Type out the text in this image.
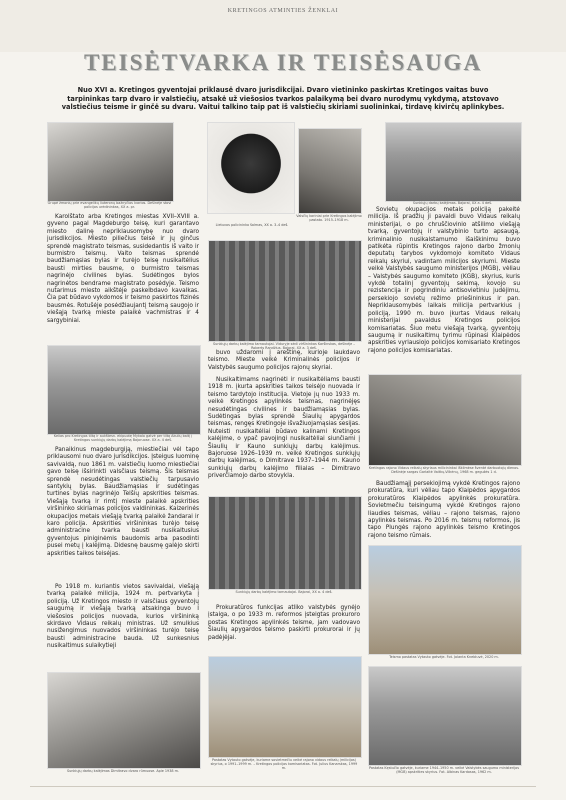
KRETINGOS ATMINTIES ŽENKLAI
TEISĖTVARKA IR TEISĖSAUGA
Nuo XVI a. Kretingos gyventojai priklausė dvaro jurisdikcijai. Dvaro vietininko paskirtas Kretingos vaitas buvo tarpininkas tarp dvaro ir valstiečių, atsakė už viešosios tvarkos palaikymą bei dvaro nurodymų vykdymą, atstovavo valstiečius teisme ir ginčė su dvaru. Vaitui talkino taip pat iš valstiečių skiriami suolininkai, tirdavę kivirčų aplinkybes.
Grupė žmonių prie evangelikų liuteronų bažnyčios Ivarios. Dešinėje stovi policijos urėdininkas, XX a. pr.
Lietuvos policininko šalmas, XX a. 3–4 deš.
Valsčių kariniai prie Kretingos kalėjimo pastato. 1915–1918 m.
Sunkiųjų darbų kalėjimas. Bajorai, XX a. 4 deš.
Karolštato arba Kretingos miestas XVII–XVIII a. gyveno pagal Magdeburgo teisę, kuri garantavo miesto dalinę nepriklausomybę nuo dvaro jurisdikcijos. Miesto piliečius teisė ir jų ginčus sprendė magistrato teismas, susidedantis iš vaito ir burmistro teismų. Vaito teismas sprendė baudžiamąsias bylas ir turėjo teisę nusikaltėlius bausti mirties bausme, o burmistro teismas nagrinėjo civilines bylas. Sudėtingos bylos nagrinėtos bendrame magistrato posėdyje. Teismo nutarimus miesto aikštėje paskelbdavo kavalkas. Čia pat būdavo vykdomos ir teismo paskirtos fizinės bausmės. Rotušėje posėdžiaujantį teismą saugojo ir viešąją tvarką mieste palaikė vachmistras ir 4 sargybiniai.
Sunkiųjų darbų kalėjimo tarnautojai. Viduryje sėdi viršininkas Karšinskas, dešinėje – Roberts Randžius. Bajorai, XX a. 3 deš.
Sovietų okupacijos metais policiją pakeitė milicija. Iš pradžių ji pavaldi buvo Vidaus reikalų ministerijai, o po chruščiovinio atšilimo viešąją tvarką, gyventojų ir valstybinio turto apsaugą, kriminalinio nusikalstamumo išaiškinimu buvo patikėta rūpintis Kretingos rajono darbo žmonių deputatų tarybos vykdomojo komiteto Vidaus reikalų skyriui, vadintam milicijos skyriumi. Mieste veikė Valstybės saugumo ministerijos (MGB), vėliau – Valstybės saugumo komiteto (KGB), skyrius, kuris vykdė totalinį gyventojų sekimą, kovojo su rezistencija ir pogrindiniu antisovietiniu judėjimu, persekiojo sovietų režimo priešininkus ir pan. Nepriklausomybės laikais milicija pertvarkius į policiją, 1990 m. buvo įkurtas Vidaus reikalų ministerijai pavaldus Kretingos policijos komisariatas. Šiuo metu viešąją tvarką, gyventojų saugumą ir nusikaltimų tyrimu rūpinasi Klaipėdos apskrities vyriausiojo policijos komisariato Kretingos rajono policijos komisariatas.
Kelias pro Kretingos tiltą ir aukštesn. ekipuotę Mykalo gatvė per tiltą Akulių baltį į Kretingos sunkiųjų darbų kalėjimą Bajoruose. XX a. 4 deš.
buvo uždaromi į areštinę, kurioje laukdavo teismo. Mieste veikė Kriminalinės policijos ir Valstybės saugumo policijos rajonų skyriai.
Nusikaltimams nagrinėti ir nusikaltėliams bausti 1918 m. įkurta apskrities taikos teisėjo nuovada ir teismo tardytojo institucija. Vietoje jų nuo 1933 m. veikė Kretingos apylinkės teismas, nagrinėjęs nesudėtingas civilines ir baudžiamąsias bylas. Sudėtingas bylas sprendė Šiaulių apygardos teismas, rengęs Kretingoje išvažiuojamąsias sesijas. Nuteisti nusikaltėliai būdavo kalinami Kretingos kalėjime, o ypač pavojingi nusikaltėliai siunčiami į Šiaulių ir Kauno sunkiųjų darbų kalėjimus. Bajoruose 1926–1939 m. veikė Kretingos sunkiųjų darbų kalėjimas, o Dimitrave 1937–1944 m. Kauno sunkiųjų darbų kalėjimo filialas – Dimitravo priverčiamojo darbo stovykla.
Kretingos rajono Vidaus reikalų skyriaus milicininkai iškilmėse šventė darbuotojų dienos. Dešinėje sargas Garlaitė Vaitkų-Vilkėnų, 1968 m. gegužės 1 d.
Panaikinus magdeburgiją, miestiečiai vėl tapo priklausomi nuo dvaro jurisdikcijos. Įsteigus luominę savivaldą, nuo 1861 m. valstiečių luomo miestiečiai gavo teisę išsirinkti valsčiaus teismą. Šis teismas sprendė nesudėtingas valstiečių tarpusavio santykių bylas. Baudžiamąsias ir sudėtingas turtines bylas nagrinėjo Telšių apskrities teismas. Viešąją tvarką ir rimtį mieste palaikė apskrities viršininko skiriamas policijos valdininkas. Kaizerinės okupacijos metais viešąją tvarką palaikė žandarai ir karo policija. Apskrities viršininkas turėjo teisę administracine tvarka bausti nusikaltusius gyventojus piniginėmis baudomis arba pasodinti pusei metų į kalėjimą. Didesnę bausmę galėjo skirti apskrities taikos teisėjas.
Baudžiamąjį persekiojimą vykdė Kretingos rajono prokuratūra, kuri vėliau tapo Klaipėdos apygardos prokuratūros Klaipėdos apylinkės prokuratūra. Sovietmečiu teisingumą vykdė Kretingos rajono liaudies teismas, vėliau – rajono teismas, rajono apylinkės teismas. Po 2016 m. teismų reformos, jis tapo Plungės rajono apylinkės teismo Kretingos rajono teismo rūmais.
Sunkiųjų darbų kalėjimo tarnautojai. Bajorai, XX a. 4 deš.
Teismo pastatas Vytauto gatvėje. Fot. Jolanta Knebluvė, 2020 m.
Po 1918 m. kuriantis vietos savivaldai, viešąją tvarką palaikė milicija, 1924 m. pertvarkyta į policiją. Už Kretingos miesto ir valsčiaus gyventojų saugumą ir viešąją tvarką atsakinga buvo I viešosios policijos nuovada, kurios viršininką skirdavo Vidaus reikalų ministras. Už smulkius nusižengimus nuovados viršininkas turėjo teisę bausti administracine bauda. Už sunkesnius nusikaltimus sulaikytieji
Prokuratūros funkcijas atliko valstybės gynėjo įstaiga, o po 1933 m. reformos įsteigtas prokuroro postas Kretingos apylinkės teisme, jam vadovavo Šiaulių apygardos teismo paskirti prokurorai ir jų padėjėjai.
Sunkiųjų darbų kalėjimas Dimitravo dvaro rūmuose. Apie 1938 m.
Pastatas Vytauto gatvėje, kuriame sovietmečiu veikė rajono vidaus reikalų (milicijos) skyrius, o 1991–1999 m. – Kretingos policijos komisariatas. Fot. Julius Kanarskas, 1999 m.	Pastatas Kęstučio gatvėje, kuriame 1944–1950 m. veikė Valstybės saugumo ministerijos (MGB) apskrities skyrius. Fot. Albinas Kardosas, 1962 m.
